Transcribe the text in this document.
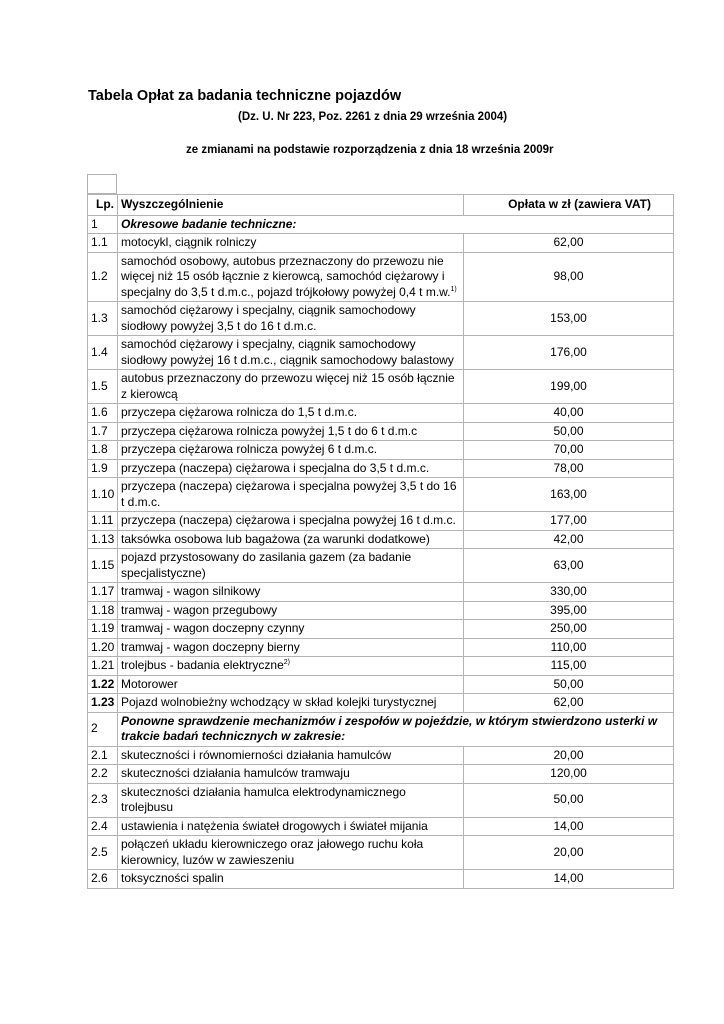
Tabela Opłat za badania techniczne pojazdów
(Dz. U. Nr 223, Poz. 2261 z dnia 29 września 2004)
ze zmianami na podstawie rozporządzenia z dnia 18 września 2009r
Lp.	Wyszczególnienie	Opłata w zł (zawiera VAT)
1	Okresowe badanie techniczne:	
1.1	motocykl, ciągnik rolniczy	62,00
1.2	samochód osobowy, autobus przeznaczony do przewozu nie więcej niż 15 osób łącznie z kierowcą, samochód ciężarowy i specjalny do 3,5 t d.m.c., pojazd trójkołowy powyżej 0,4 t m.w.$^{1)}$	98,00
1.3	samochód ciężarowy i specjalny, ciągnik samochodowy siodłowy powyżej 3,5 t do 16 t d.m.c.	153,00
1.4	samochód ciężarowy i specjalny, ciągnik samochodowy siodłowy powyżej 16 t d.m.c., ciągnik samochodowy balastowy	176,00
1.5	autobus przeznaczony do przewozu więcej niż 15 osób łącznie z kierowcą	199,00
1.6	przyczepa ciężarowa rolnicza do 1,5 t d.m.c.	40,00
1.7	przyczepa ciężarowa rolnicza powyżej 1,5 t do 6 t d.m.c	50,00
1.8	przyczepa ciężarowa rolnicza powyżej 6 t d.m.c.	70,00
1.9	przyczepa (naczepa) ciężarowa i specjalna do 3,5 t d.m.c.	78,00
1.10	przyczepa (naczepa) ciężarowa i specjalna powyżej 3,5 t do 16 t d.m.c.	163,00
1.11	przyczepa (naczepa) ciężarowa i specjalna powyżej 16 t d.m.c.	177,00
1.13	taksówka osobowa lub bagażowa (za warunki dodatkowe)	42,00
1.15	pojazd przystosowany do zasilania gazem (za badanie specjalistyczne)	63,00
1.17	tramwaj - wagon silnikowy	330,00
1.18	tramwaj - wagon przegubowy	395,00
1.19	tramwaj - wagon doczepny czynny	250,00
1.20	tramwaj - wagon doczepny bierny	110,00
1.21	trolejbus - badania elektryczne$^{2)}$	115,00
1.22	Motorower	50,00
1.23	Pojazd wolnobieżny wchodzący w skład kolejki turystycznej	62,00
2	Ponowne sprawdzenie mechanizmów i zespołów w pojeździe, w którym stwierdzono usterki w trakcie badań technicznych w zakresie:	
2.1	skuteczności i równomierności działania hamulców	20,00
2.2	skuteczności działania hamulców tramwaju	120,00
2.3	skuteczności działania hamulca elektrodynamicznego trolejbusu	50,00
2.4	ustawienia i natężenia świateł drogowych i świateł mijania	14,00
2.5	połączeń układu kierowniczego oraz jałowego ruchu koła kierownicy, luzów w zawieszeniu	20,00
2.6	toksyczności spalin	14,00
